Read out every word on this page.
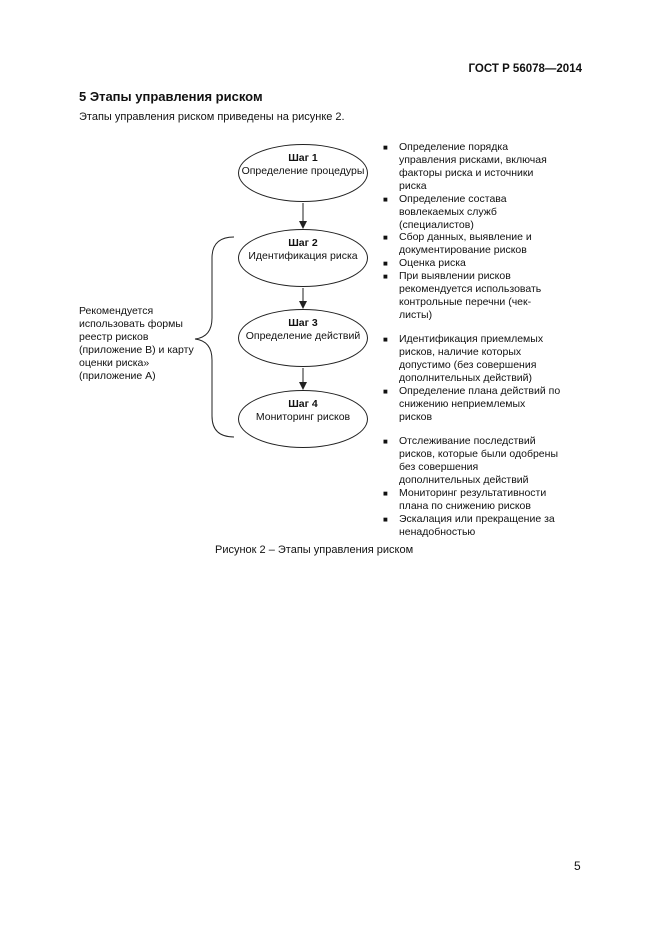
ГОСТ Р 56078—2014
5 Этапы управления риском
Этапы управления риском приведены на рисунке 2.
Шаг 1
Определение процедуры
Шаг 2
Идентификация риска
Шаг 3
Определение действий
Шаг 4
Мониторинг рисков
Рекомендуется использовать формы реестр рисков (приложение В) и карту оценки риска» (приложение А)
■ Определение порядка управления рисками, включая факторы риска и источники риска
■ Определение состава вовлекаемых служб (специалистов)
■ Сбор данных, выявление и документирование рисков
■ Оценка риска
■ При выявлении рисков рекомендуется использовать контрольные перечни (чек-листы)
■ Идентификация приемлемых рисков, наличие которых допустимо (без совершения дополнительных действий)
■ Определение плана действий по снижению неприемлемых рисков
■ Отслеживание последствий рисков, которые были одобрены без совершения дополнительных действий
■ Мониторинг результативности плана по снижению рисков
■ Эскалация или прекращение за ненадобностью
Рисунок 2 – Этапы управления риском
5
